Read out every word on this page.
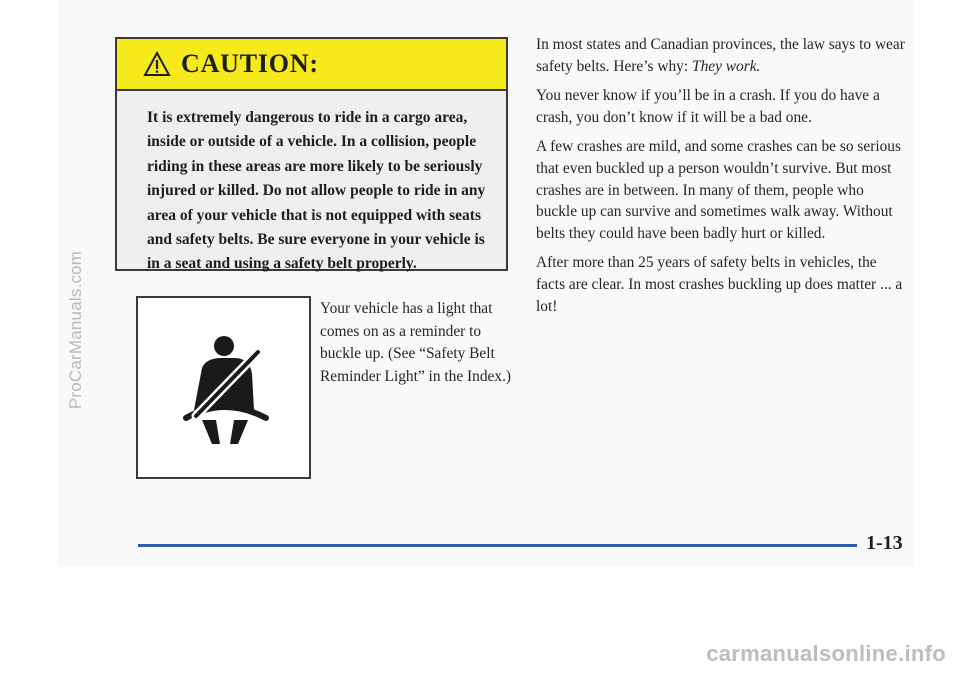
ProCarManuals.com
CAUTION:

It is extremely dangerous to ride in a cargo area, inside or outside of a vehicle. In a collision, people riding in these areas are more likely to be seriously injured or killed. Do not allow people to ride in any area of your vehicle that is not equipped with seats and safety belts. Be sure everyone in your vehicle is in a seat and using a safety belt properly.

Your vehicle has a light that comes on as a reminder to buckle up. (See “Safety Belt Reminder Light” in the Index.)

In most states and Canadian provinces, the law says to wear safety belts. Here’s why: They work.

You never know if you’ll be in a crash. If you do have a crash, you don’t know if it will be a bad one.

A few crashes are mild, and some crashes can be so serious that even buckled up a person wouldn’t survive. But most crashes are in between. In many of them, people who buckle up can survive and sometimes walk away. Without belts they could have been badly hurt or killed.

After more than 25 years of safety belts in vehicles, the facts are clear. In most crashes buckling up does matter ... a lot!

1-13
carmanualsonline.info
